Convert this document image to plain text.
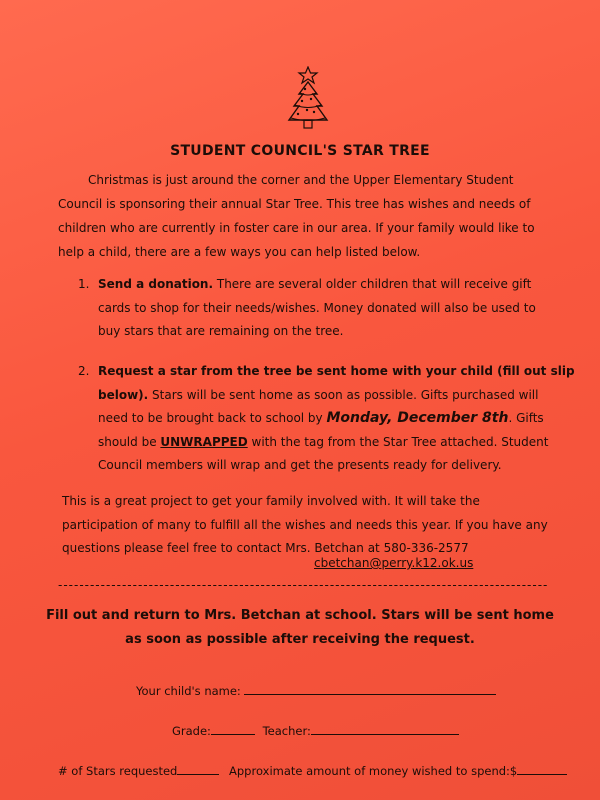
STUDENT COUNCIL'S STAR TREE
Christmas is just around the corner and the Upper Elementary Student
Council is sponsoring their annual Star Tree. This tree has wishes and needs of
children who are currently in foster care in our area. If your family would like to
help a child, there are a few ways you can help listed below.
1. Send a donation. There are several older children that will receive gift
cards to shop for their needs/wishes. Money donated will also be used to
buy stars that are remaining on the tree.
2. Request a star from the tree be sent home with your child (fill out slip
below). Stars will be sent home as soon as possible. Gifts purchased will
need to be brought back to school by Monday, December 8th. Gifts
should be UNWRAPPED with the tag from the Star Tree attached. Student
Council members will wrap and get the presents ready for delivery.
This is a great project to get your family involved with. It will take the
participation of many to fulfill all the wishes and needs this year. If you have any
questions please feel free to contact Mrs. Betchan at 580-336-2577
cbetchan@perry.k12.ok.us
--------------------------------------------------------------------------------------------
Fill out and return to Mrs. Betchan at school. Stars will be sent home
as soon as possible after receiving the request.
Your child's name:
Grade:	Teacher:
# of Stars requested	Approximate amount of money wished to spend:$
